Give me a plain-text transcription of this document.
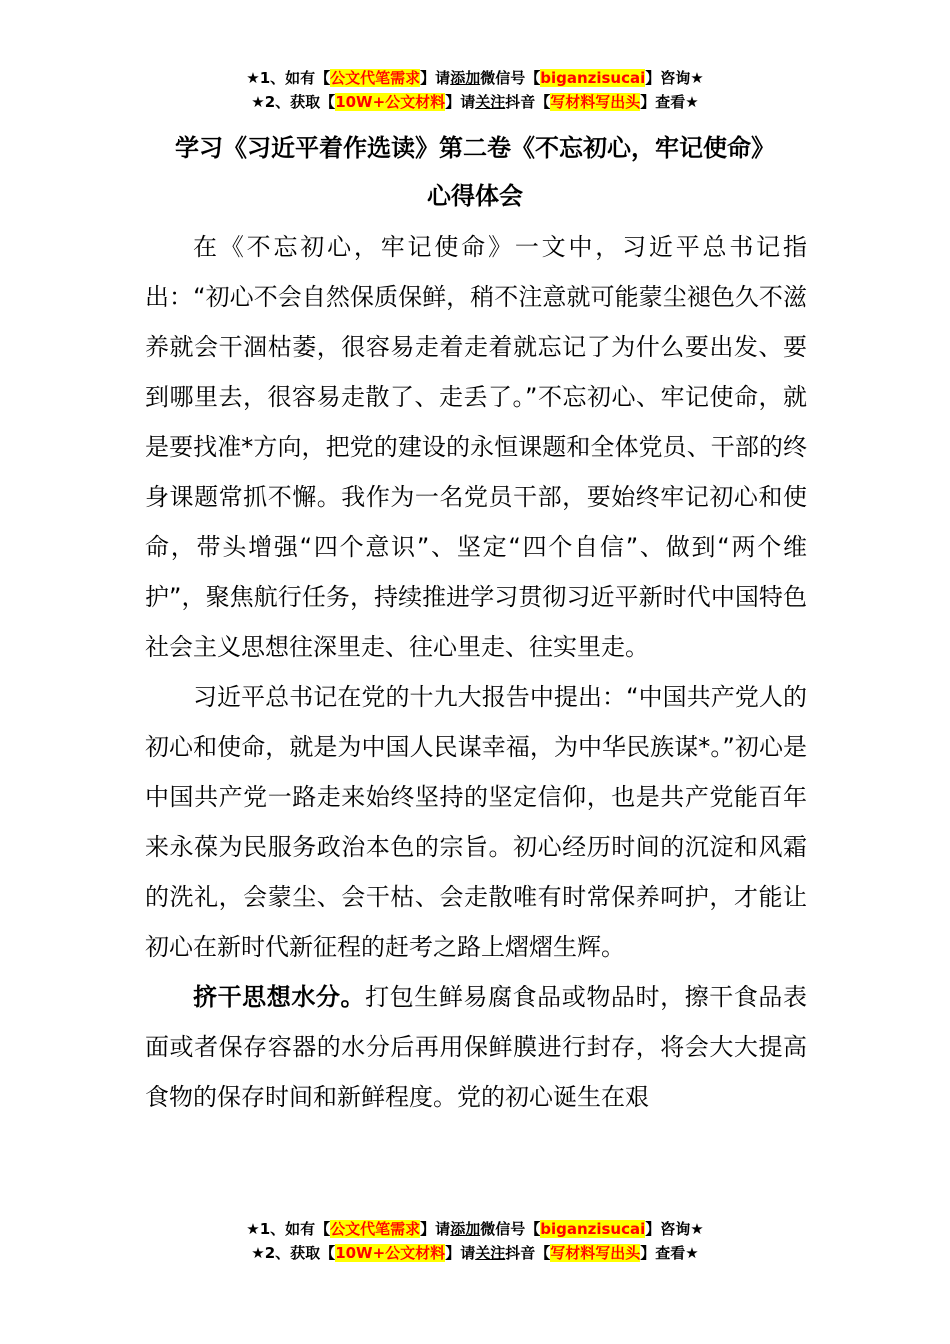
★1、如有【公文代笔需求】请添加微信号【biganzisucai】咨询★
★2、获取【10W+公文材料】请关注抖音【写材料写出头】查看★
学习《习近平着作选读》第二卷《不忘初心，牢记使命》
心得体会

在《不忘初心，牢记使命》一文中，习近平总书记指出：“初心不会自然保质保鲜，稍不注意就可能蒙尘褪色久不滋养就会干涸枯萎，很容易走着走着就忘记了为什么要出发、要到哪里去，很容易走散了、走丢了。”不忘初心、牢记使命，就是要找准*方向，把党的建设的永恒课题和全体党员、干部的终身课题常抓不懈。我作为一名党员干部，要始终牢记初心和使命，带头增强“四个意识”、坚定“四个自信”、做到“两个维护”，聚焦航行任务，持续推进学习贯彻习近平新时代中国特色社会主义思想往深里走、往心里走、往实里走。

习近平总书记在党的十九大报告中提出：“中国共产党人的初心和使命，就是为中国人民谋幸福，为中华民族谋*。”初心是中国共产党一路走来始终坚持的坚定信仰，也是共产党能百年来永葆为民服务政治本色的宗旨。初心经历时间的沉淀和风霜的洗礼，会蒙尘、会干枯、会走散唯有时常保养呵护，才能让初心在新时代新征程的赶考之路上熠熠生辉。

挤干思想水分。打包生鲜易腐食品或物品时，擦干食品表面或者保存容器的水分后再用保鲜膜进行封存，将会大大提高食物的保存时间和新鲜程度。党的初心诞生在艰

★1、如有【公文代笔需求】请添加微信号【biganzisucai】咨询★
★2、获取【10W+公文材料】请关注抖音【写材料写出头】查看★
